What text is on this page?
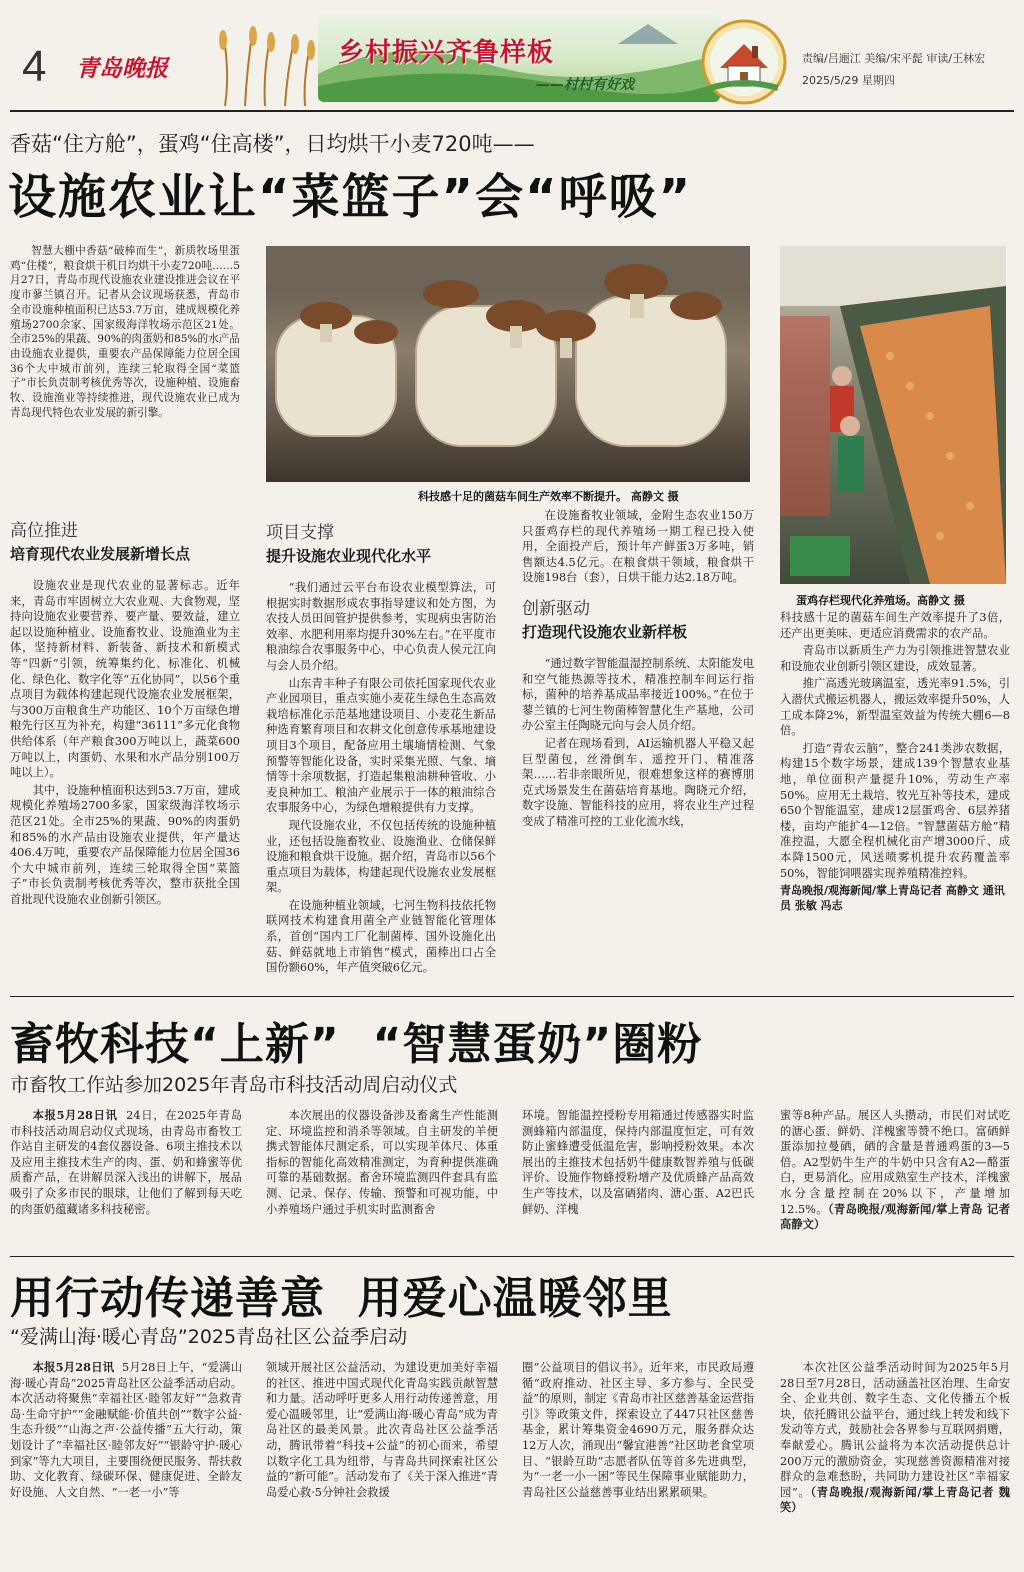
4 青岛晚报
乡村振兴齐鲁样板
——村村有好戏
责编/吕逦江 美编/宋平髭 审读/王林宏
2025/5/29 星期四
香菇“住方舱”，蛋鸡“住高楼”，日均烘干小麦720吨——
设施农业让“菜篮子”会“呼吸”

智慧大棚中香菇“破棒而生”，新质牧场里蛋鸡“住楼”，粮食烘干机日均烘干小麦720吨……5月27日，青岛市现代设施农业建设推进会议在平度市蓼兰镇召开。记者从会议现场获悉，青岛市全市设施种植面积已达53.7万亩，建成规模化养殖场2700余家、国家级海洋牧场示范区21处。全市25%的果蔬、90%的肉蛋奶和85%的水产品由设施农业提供，重要农产品保障能力位居全国36个大中城市前列，连续三轮取得全国“菜篮子”市长负责制考核优秀等次，设施种植、设施畜牧、设施渔业等持续推进，现代设施农业已成为青岛现代特色农业发展的新引擎。

科技感十足的菌菇车间生产效率不断提升。 高静文 摄
蛋鸡存栏现代化养殖场。高静文 摄
高位推进
培育现代农业发展新增长点

设施农业是现代农业的显著标志。近年来，青岛市牢固树立大农业观、大食物观，坚持向设施农业要营养、要产量、要效益，建立起以设施种植业、设施畜牧业、设施渔业为主体，坚持新材料、新装备、新技术和新模式等“四新”引领，统筹集约化、标准化、机械化、绿色化、数字化等“五化协同”，以56个重点项目为载体构建起现代设施农业发展框架，与300万亩粮食生产功能区、10个万亩绿色增粮先行区互为补充，构建“36111”多元化食物供给体系（年产粮食300万吨以上，蔬菜600万吨以上，肉蛋奶、水果和水产品分别100万吨以上）。

其中，设施种植面积达到53.7万亩，建成规模化养殖场2700多家，国家级海洋牧场示范区21处。全市25%的果蔬、90%的肉蛋奶和85%的水产品由设施农业提供，年产量达406.4万吨，重要农产品保障能力位居全国36个大中城市前列，连续三轮取得全国“菜篮子”市长负责制考核优秀等次，整市获批全国首批现代设施农业创新引领区。

项目支撑
提升设施农业现代化水平

“我们通过云平台布设农业模型算法，可根据实时数据形成农事指导建议和处方图，为农技人员田间管护提供参考，实现病虫害防治效率、水肥利用率均提升30%左右。”在平度市粮油综合农事服务中心，中心负责人侯元江向与会人员介绍。

山东青丰种子有限公司依托国家现代农业产业园项目，重点实施小麦花生绿色生态高效栽培标准化示范基地建设项目、小麦花生新品种选育繁育项目和农耕文化创意传承基地建设项目3个项目，配备应用土壤墒情检测、气象预警等智能化设备，实时采集光照、气象、墒情等十余项数据，打造起集粮油耕种管收、小麦良种加工、粮油产业展示于一体的粮油综合农事服务中心，为绿色增粮提供有力支撑。

现代设施农业，不仅包括传统的设施种植业，还包括设施畜牧业、设施渔业、仓储保鲜设施和粮食烘干设施。据介绍，青岛市以56个重点项目为载体，构建起现代设施农业发展框架。

在设施种植业领域，七河生物科技依托物联网技术构建食用菌全产业链智能化管理体系，首创“国内工厂化制菌棒、国外设施化出菇、鲜菇就地上市销售”模式，菌棒出口占全国份额60%，年产值突破6亿元。

在设施畜牧业领域，金附生态农业150万只蛋鸡存栏的现代养殖场一期工程已投入使用，全面投产后，预计年产鲜蛋3万多吨，销售额达4.5亿元。在粮食烘干领域，粮食烘干设施198台（套），日烘干能力达2.18万吨。

创新驱动
打造现代设施农业新样板

“通过数字智能温湿控制系统、太阳能发电和空气能热源等技术，精准控制车间运行指标，菌种的培养基成品率接近100%。”在位于蓼兰镇的七河生物菌棒智慧化生产基地，公司办公室主任陶晓元向与会人员介绍。

记者在现场看到，AI运输机器人平稳又起巨型菌包，丝滑倒车、遥控开门、精准落架……若非亲眼所见，很难想象这样的赛博朋克式场景发生在菌菇培育基地。陶晓元介绍，数字设施、智能科技的应用，将农业生产过程变成了精准可控的工业化流水线，

科技感十足的菌菇车间生产效率提升了3倍，还产出更美味、更适应消费需求的农产品。

青岛市以新质生产力为引领推进智慧农业和设施农业创新引领区建设，成效显著。

推广高透光玻璃温室，透光率91.5%，引入潜伏式搬运机器人，搬运效率提升50%，人工成本降2%，新型温室效益为传统大棚6—8倍。

打造“青农云脑”，整合241类涉农数据，构建15个数字场景，建成139个智慧农业基地，单位面积产量提升10%，劳动生产率50%。应用无土栽培、牧光互补等技术，建成650个智能温室，建成12层蛋鸡舍、6层养猪楼，亩均产能扩4—12倍。“智慧菌菇方舱”精准控温，大愿全程机械化亩产增3000斤、成本降1500元，风送喷雾机提升农药覆盖率50%，智能饲喂器实现养殖精准控料。

青岛晚报/观海新闻/掌上青岛记者 高静文 通讯员 张敏 冯志
畜牧科技“上新”  “智慧蛋奶”圈粉
市畜牧工作站参加2025年青岛市科技活动周启动仪式

本报5月28日讯 24日，在2025年青岛市科技活动周启动仪式现场，由青岛市畜牧工作站自主研发的4套仪器设备、6项主推技术以及应用主推技术生产的肉、蛋、奶和蜂蜜等优质畜产品，在讲解员深入浅出的讲解下，展品吸引了众多市民的眼球，让他们了解到每天吃的肉蛋奶蕴藏诸多科技秘密。

本次展出的仪器设备涉及畜禽生产性能测定、环境监控和消杀等领域。自主研发的羊便携式智能体尺测定系，可以实现羊体尺、体重指标的智能化高效精准测定，为育种提供准确可靠的基础数据。畜舍环境监测四件套具有监测、记录、保存、传输、预警和可视功能，中小养殖场户通过手机实时监测畜舍

环境。智能温控授粉专用箱通过传感器实时监测蜂箱内部温度，保持内部温度恒定，可有效防止蜜蜂遭受低温危害，影响授粉效果。本次展出的主推技术包括奶牛健康数智养殖与低碳评价、设施作物蜂授粉增产及优质蜂产品高效生产等技术，以及富硒猪肉、溏心蛋、A2巴氏鲜奶、洋槐

蜜等8种产品。展区人头攒动，市民们对试吃的溏心蛋、鲜奶、洋槐蜜等赞不绝口。富硒鲜蛋添加拉曼硒，硒的含量是普通鸡蛋的3—5倍。A2型奶牛生产的牛奶中只含有A2—酪蛋白，更易消化。应用成熟室生产技术，洋槐蜜水分含量控制在20%以下，产量增加12.5%。（青岛晚报/观海新闻/掌上青岛 记者 高静文）

用行动传递善意  用爱心温暖邻里
“爱满山海·暖心青岛”2025青岛社区公益季启动

本报5月28日讯 5月28日上午，“爱满山海·暖心青岛”2025青岛社区公益季活动启动。本次活动将聚焦“幸福社区·睦邻友好”“急救青岛·生命守护”“金融赋能·价值共创”“数字公益·生态升级”“山海之声·公益传播”五大行动，策划设计了“幸福社区·睦邻友好”“银龄守护·暖心到家”等九大项目，主要围绕便民服务、帮扶救助、文化教育、绿碳环保、健康促进、全龄友好设施、人文自然、“一老一小”等

领域开展社区公益活动，为建设更加美好幸福的社区、推进中国式现代化青岛实践贡献智慧和力量。活动呼吁更多人用行动传递善意，用爱心温暖邻里，让“爱满山海·暖心青岛”成为青岛社区的最美风景。此次青岛社区公益季活动，腾讯带着“科技+公益”的初心而来，希望以数字化工具为纽带，与青岛共同探索社区公益的“新可能”。活动发布了《关于深入推进“青岛爱心救·5分钟社会救援

圈”公益项目的倡议书》。近年来，市民政局遵循“政府推动、社区主导、多方参与、全民受益”的原则，制定《青岛市社区慈善基金运营指引》等政策文件，探索设立了447只社区慈善基金，累计筹集资金4690万元，服务群众达12万人次，涌现出“馨宜港善”社区助老食堂项目、“银龄互助”志愿者队伍等首多先进典型，为“一老一小一困”等民生保障事业赋能助力，青岛社区公益慈善事业结出累累硕果。

本次社区公益季活动时间为2025年5月28日至7月28日，活动涵盖社区治理、生命安全、企业共创、数字生态、文化传播五个板块，依托腾讯公益平台，通过线上转发和线下发动等方式，鼓励社会各界参与互联网捐赠，奉献爱心。腾讯公益将为本次活动提供总计200万元的激励资金，实现慈善资源精准对接群众的急难愁盼，共同助力建设社区“幸福家园”。（青岛晚报/观海新闻/掌上青岛记者 魏笑）
